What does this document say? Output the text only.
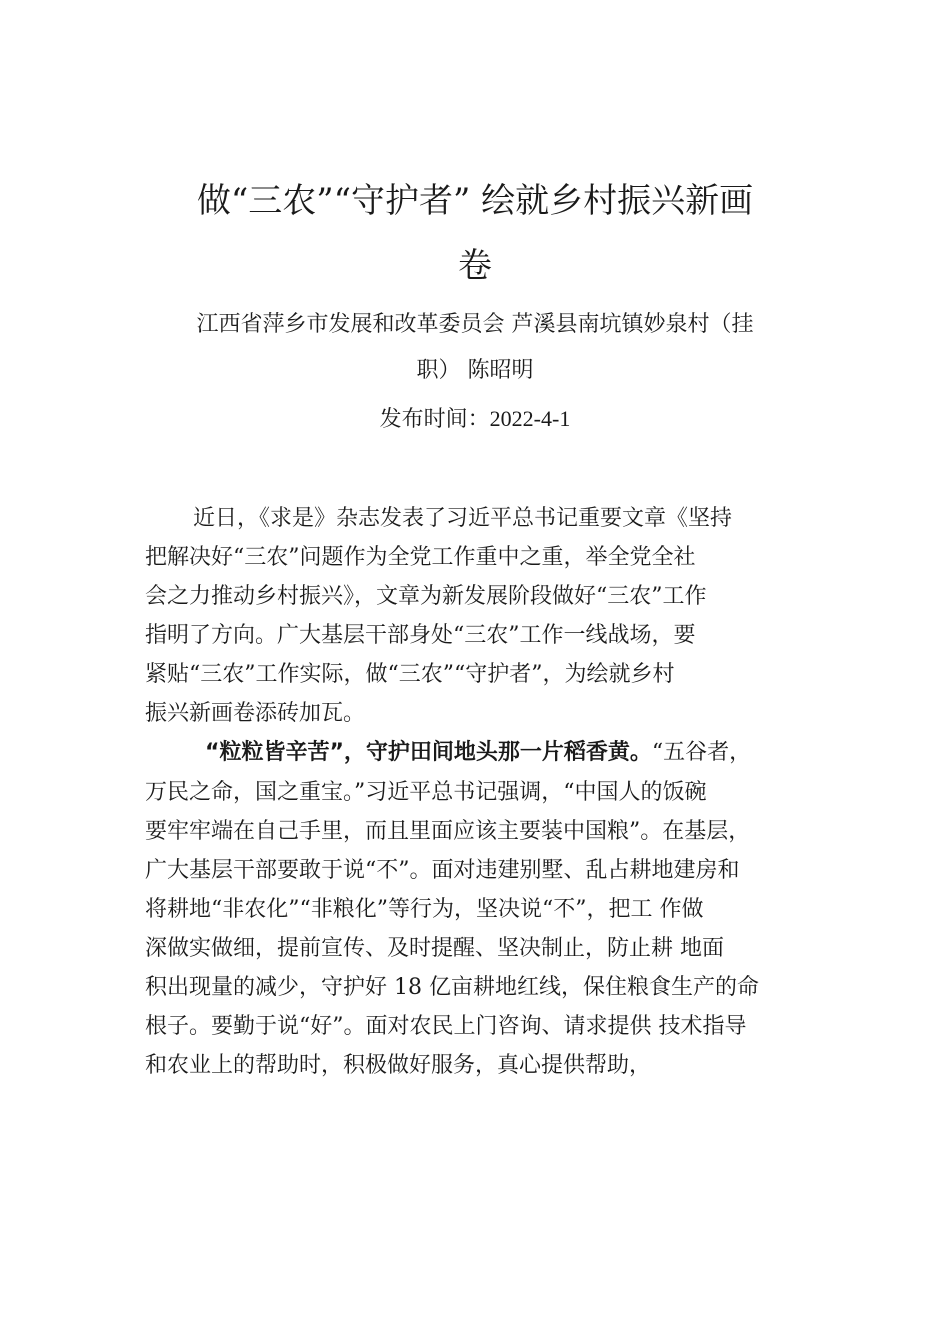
做“三农”“守护者” 绘就乡村振兴新画
卷
江西省萍乡市发展和改革委员会 芦溪县南坑镇妙泉村（挂
职） 陈昭明
发布时间：2022-4-1
近日，《求是》杂志发表了习近平总书记重要文章《坚持
把解决好“三农”问题作为全党工作重中之重，举全党全社
会之力推动乡村振兴》，文章为新发展阶段做好“三农”工作
指明了方向。广大基层干部身处“三农”工作一线战场，要
紧贴“三农”工作实际，做“三农”“守护者”，为绘就乡村
振兴新画卷添砖加瓦。
“粒粒皆辛苦”，守护田间地头那一片稻香黄。“五谷者，
万民之命，国之重宝。”习近平总书记强调，“中国人的饭碗
要牢牢端在自己手里，而且里面应该主要装中国粮”。在基层，
广大基层干部要敢于说“不”。面对违建别墅、乱占耕地建房和
将耕地“非农化”“非粮化”等行为，坚决说“不”，把工 作做
深做实做细，提前宣传、及时提醒、坚决制止，防止耕 地面
积出现量的减少，守护好 18 亿亩耕地红线，保住粮食生产的命
根子。要勤于说“好”。面对农民上门咨询、请求提供 技术指导
和农业上的帮助时，积极做好服务，真心提供帮助，
